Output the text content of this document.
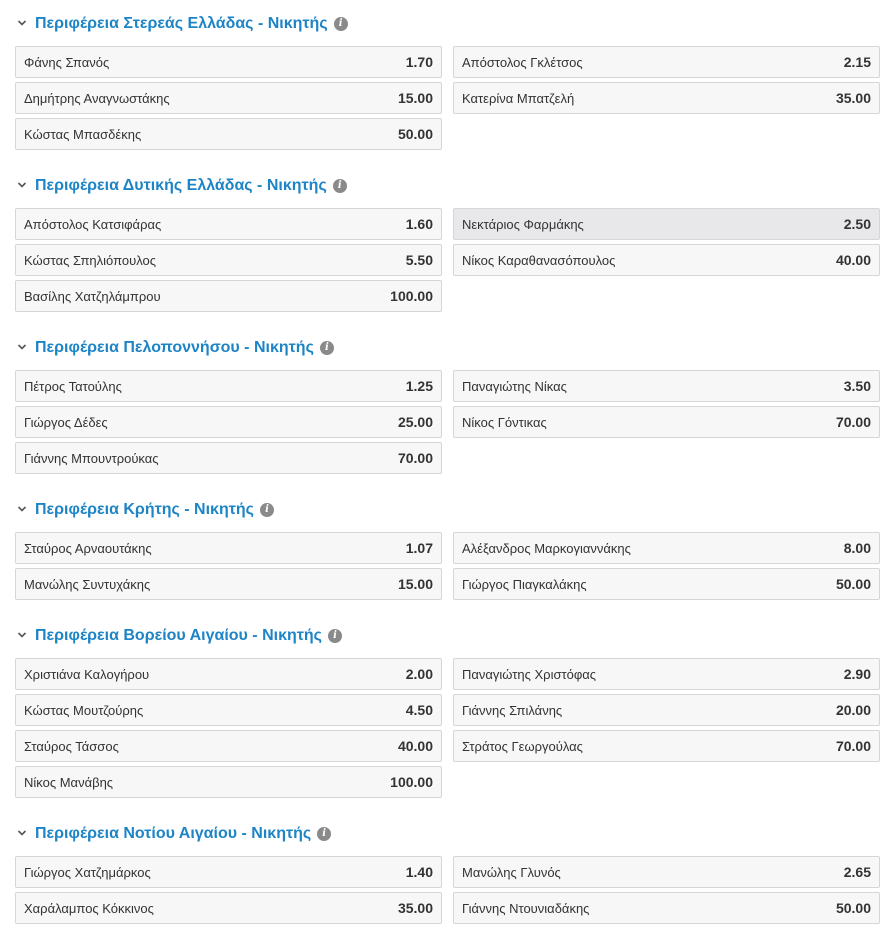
Περιφέρεια Στερεάς Ελλάδας - Νικητής	i
Φάνης Σπανός	1.70
Δημήτρης Αναγνωστάκης	15.00
Κώστας Μπασδέκης	50.00
Απόστολος Γκλέτσος	2.15
Κατερίνα Μπατζελή	35.00
Περιφέρεια Δυτικής Ελλάδας - Νικητής	i
Απόστολος Κατσιφάρας	1.60
Κώστας Σπηλιόπουλος	5.50
Βασίλης Χατζηλάμπρου	100.00
Νεκτάριος Φαρμάκης	2.50
Νίκος Καραθανασόπουλος	40.00
Περιφέρεια Πελοποννήσου - Νικητής	i
Πέτρος Τατούλης	1.25
Γιώργος Δέδες	25.00
Γιάννης Μπουντρούκας	70.00
Παναγιώτης Νίκας	3.50
Νίκος Γόντικας	70.00
Περιφέρεια Κρήτης - Νικητής	i
Σταύρος Αρναουτάκης	1.07
Μανώλης Συντυχάκης	15.00
Αλέξανδρος Μαρκογιαννάκης	8.00
Γιώργος Πιαγκαλάκης	50.00
Περιφέρεια Βορείου Αιγαίου - Νικητής	i
Χριστιάνα Καλογήρου	2.00
Κώστας Μουτζούρης	4.50
Σταύρος Τάσσος	40.00
Νίκος Μανάβης	100.00
Παναγιώτης Χριστόφας	2.90
Γιάννης Σπιλάνης	20.00
Στράτος Γεωργούλας	70.00
Περιφέρεια Νοτίου Αιγαίου - Νικητής	i
Γιώργος Χατζημάρκος	1.40
Χαράλαμπος Κόκκινος	35.00
Μανώλης Γλυνός	2.65
Γιάννης Ντουνιαδάκης	50.00
